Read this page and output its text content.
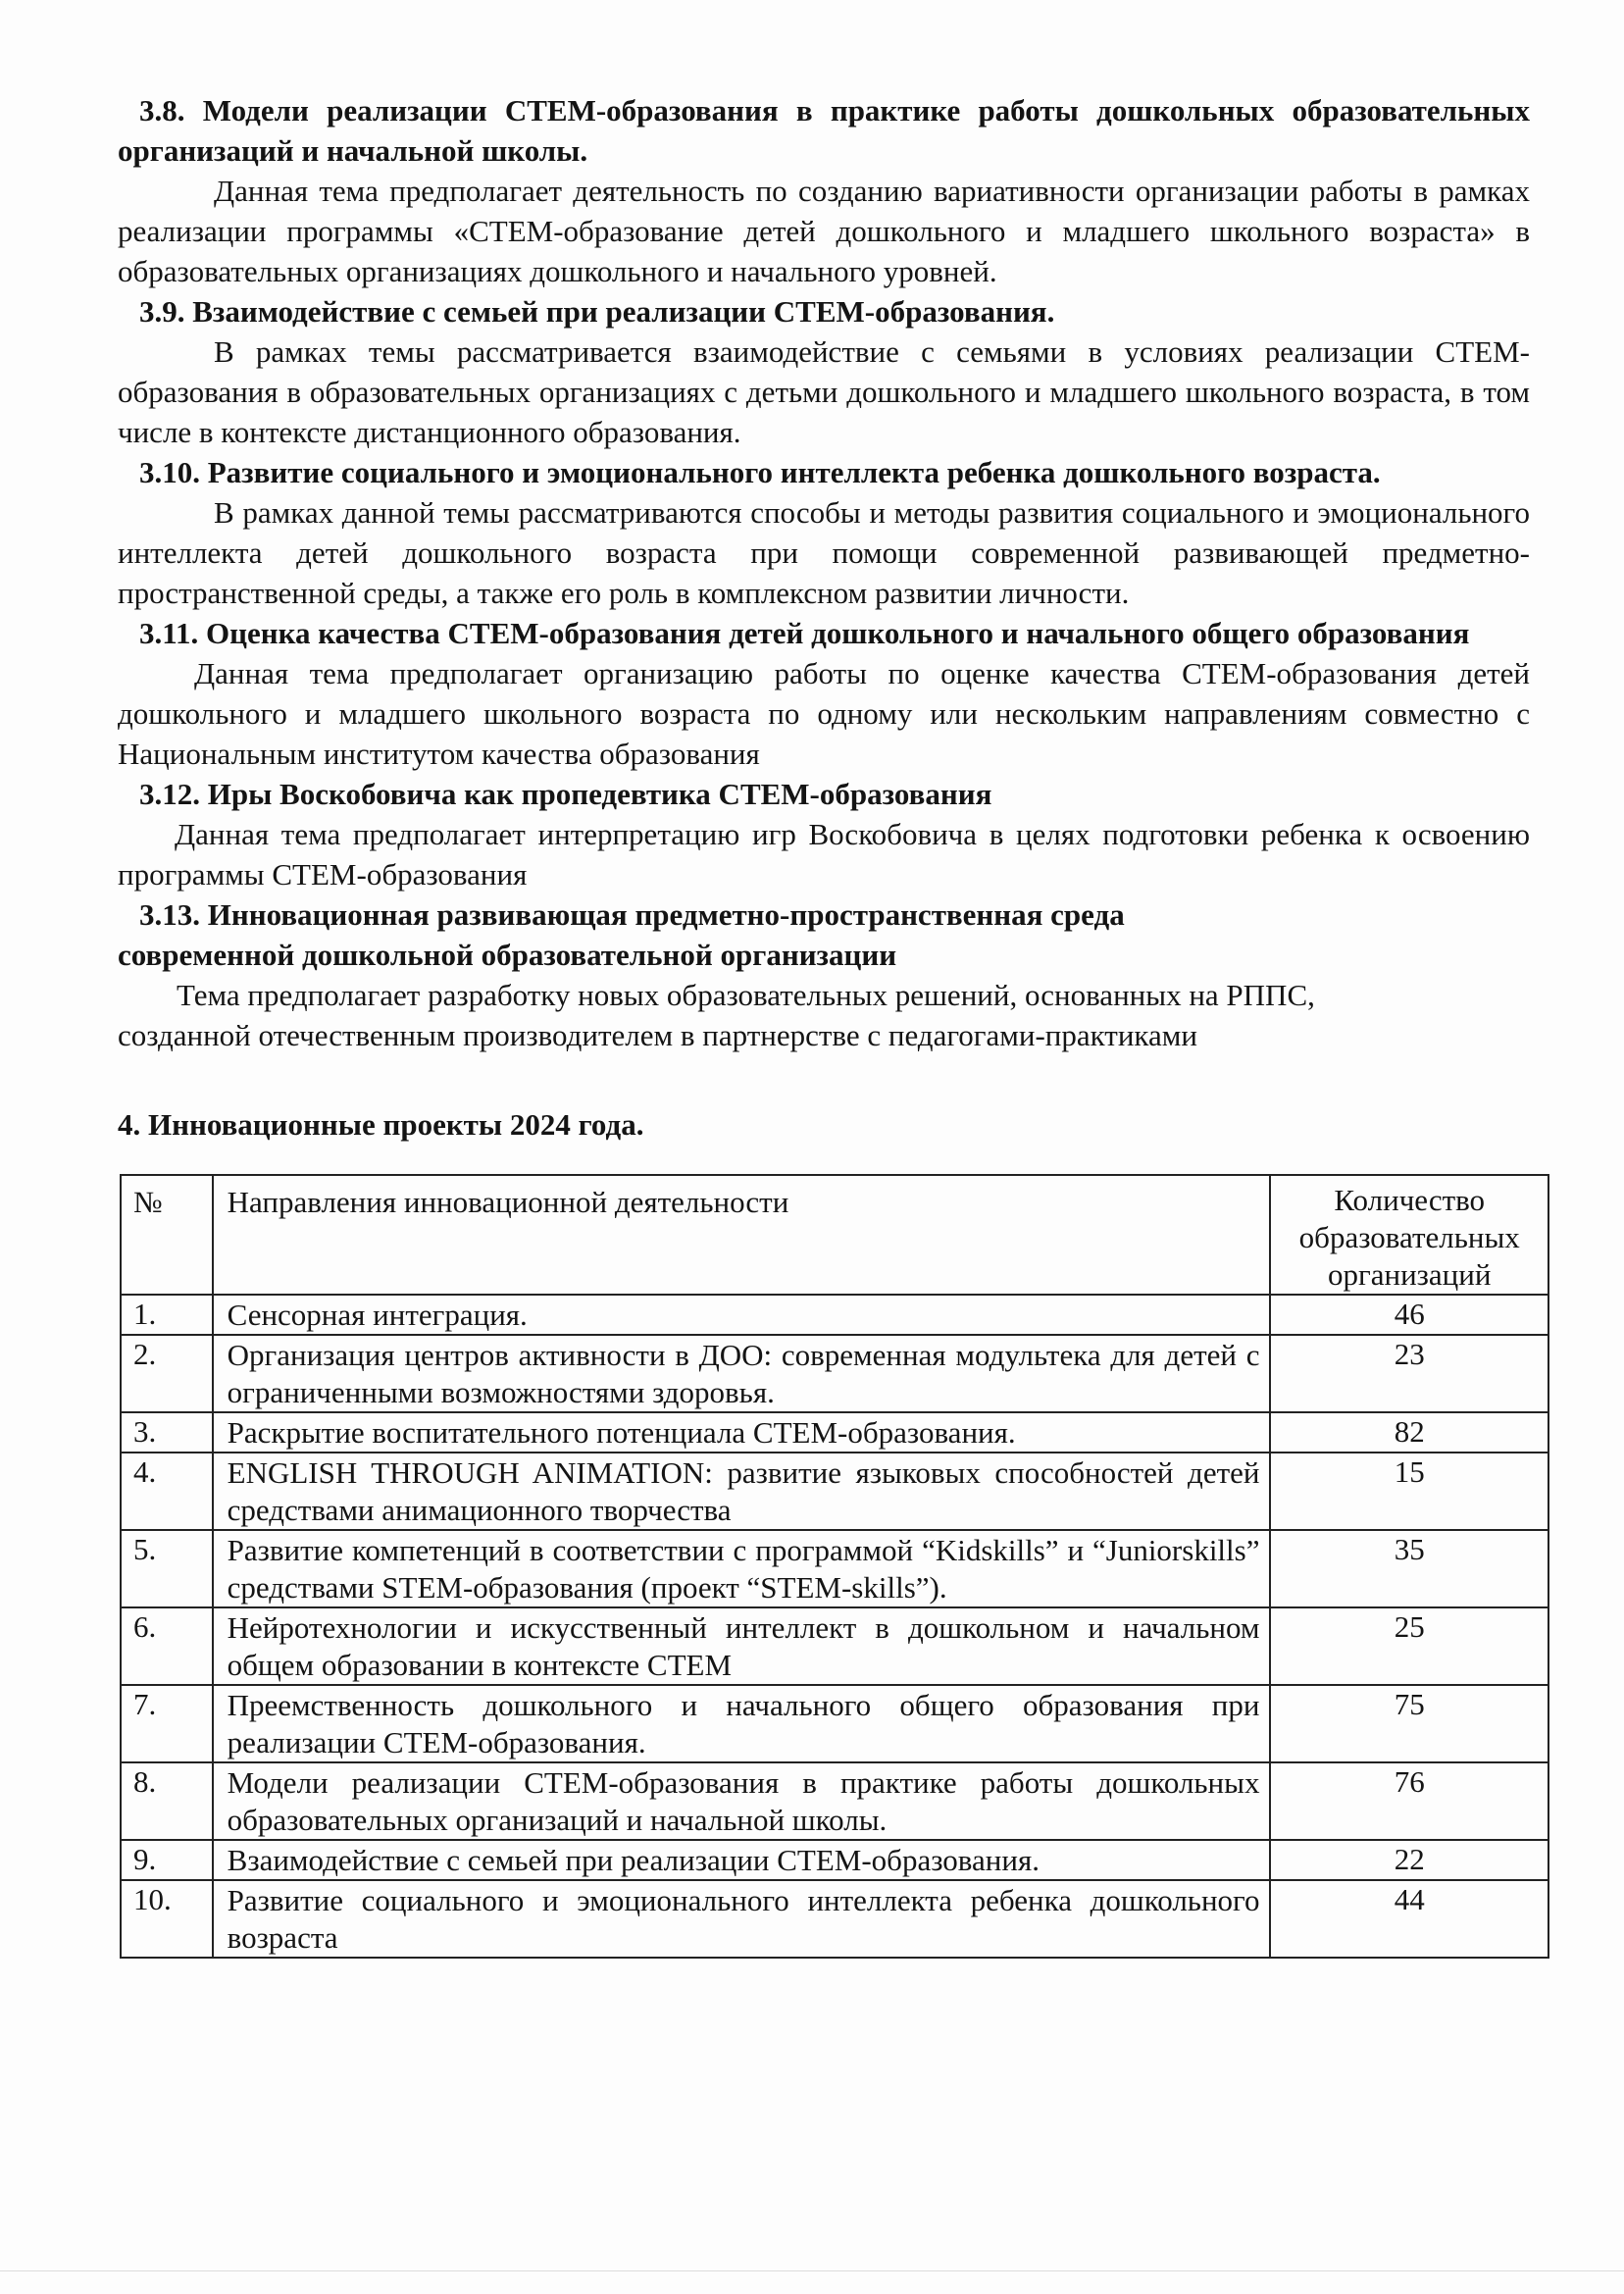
3.8. Модели реализации СТЕМ-образования в практике работы дошкольных образовательных организаций и начальной школы.

Данная тема предполагает деятельность по созданию вариативности организации работы в рамках реализации программы «СТЕМ-образование детей дошкольного и младшего школьного возраста» в образовательных организациях дошкольного и начального уровней.

3.9. Взаимодействие с семьей при реализации СТЕМ-образования.

В рамках темы рассматривается взаимодействие с семьями в условиях реализации СТЕМ-образования в образовательных организациях с детьми дошкольного и младшего школьного возраста, в том числе в контексте дистанционного образования.

3.10. Развитие социального и эмоционального интеллекта ребенка дошкольного возраста.

В рамках данной темы рассматриваются способы и методы развития социального и эмоционального интеллекта детей дошкольного возраста при помощи современной развивающей предметно-пространственной среды, а также его роль в комплексном развитии личности.

3.11. Оценка качества СТЕМ-образования детей дошкольного и начального общего образования

Данная тема предполагает организацию работы по оценке качества СТЕМ-образования детей дошкольного и младшего школьного возраста по одному или нескольким направлениям совместно с Национальным институтом качества образования

3.12. Иры Воскобовича как пропедевтика СТЕМ-образования

Данная тема предполагает интерпретацию игр Воскобовича в целях подготовки ребенка к освоению программы СТЕМ-образования

3.13. Инновационная развивающая предметно-пространственная среда

современной дошкольной образовательной организации

Тема предполагает разработку новых образовательных решений, основанных на РППС, созданной отечественным производителем в партнерстве с педагогами-практиками

4. Инновационные проекты 2024 года.

№	Направления инновационной деятельности	Количество образовательных организаций
1.	Сенсорная интеграция.	46
2.	Организация центров активности в ДОО: современная модультека для детей с ограниченными возможностями здоровья.	23
3.	Раскрытие воспитательного потенциала СТЕМ-образования.	82
4.	ENGLISH THROUGH ANIMATION: развитие языковых способностей детей средствами анимационного творчества	15
5.	Развитие компетенций в соответствии с программой “Kidskills” и “Juniorskills” средствами STEM-образования (проект “STEM-skills”).	35
6.	Нейротехнологии и искусственный интеллект в дошкольном и начальном общем образовании в контексте СТЕМ	25
7.	Преемственность дошкольного и начального общего образования при реализации СТЕМ-образования.	75
8.	Модели реализации СТЕМ-образования в практике работы дошкольных образовательных организаций и начальной школы.	76
9.	Взаимодействие с семьей при реализации СТЕМ-образования.	22
10.	Развитие социального и эмоционального интеллекта ребенка дошкольного возраста	44
